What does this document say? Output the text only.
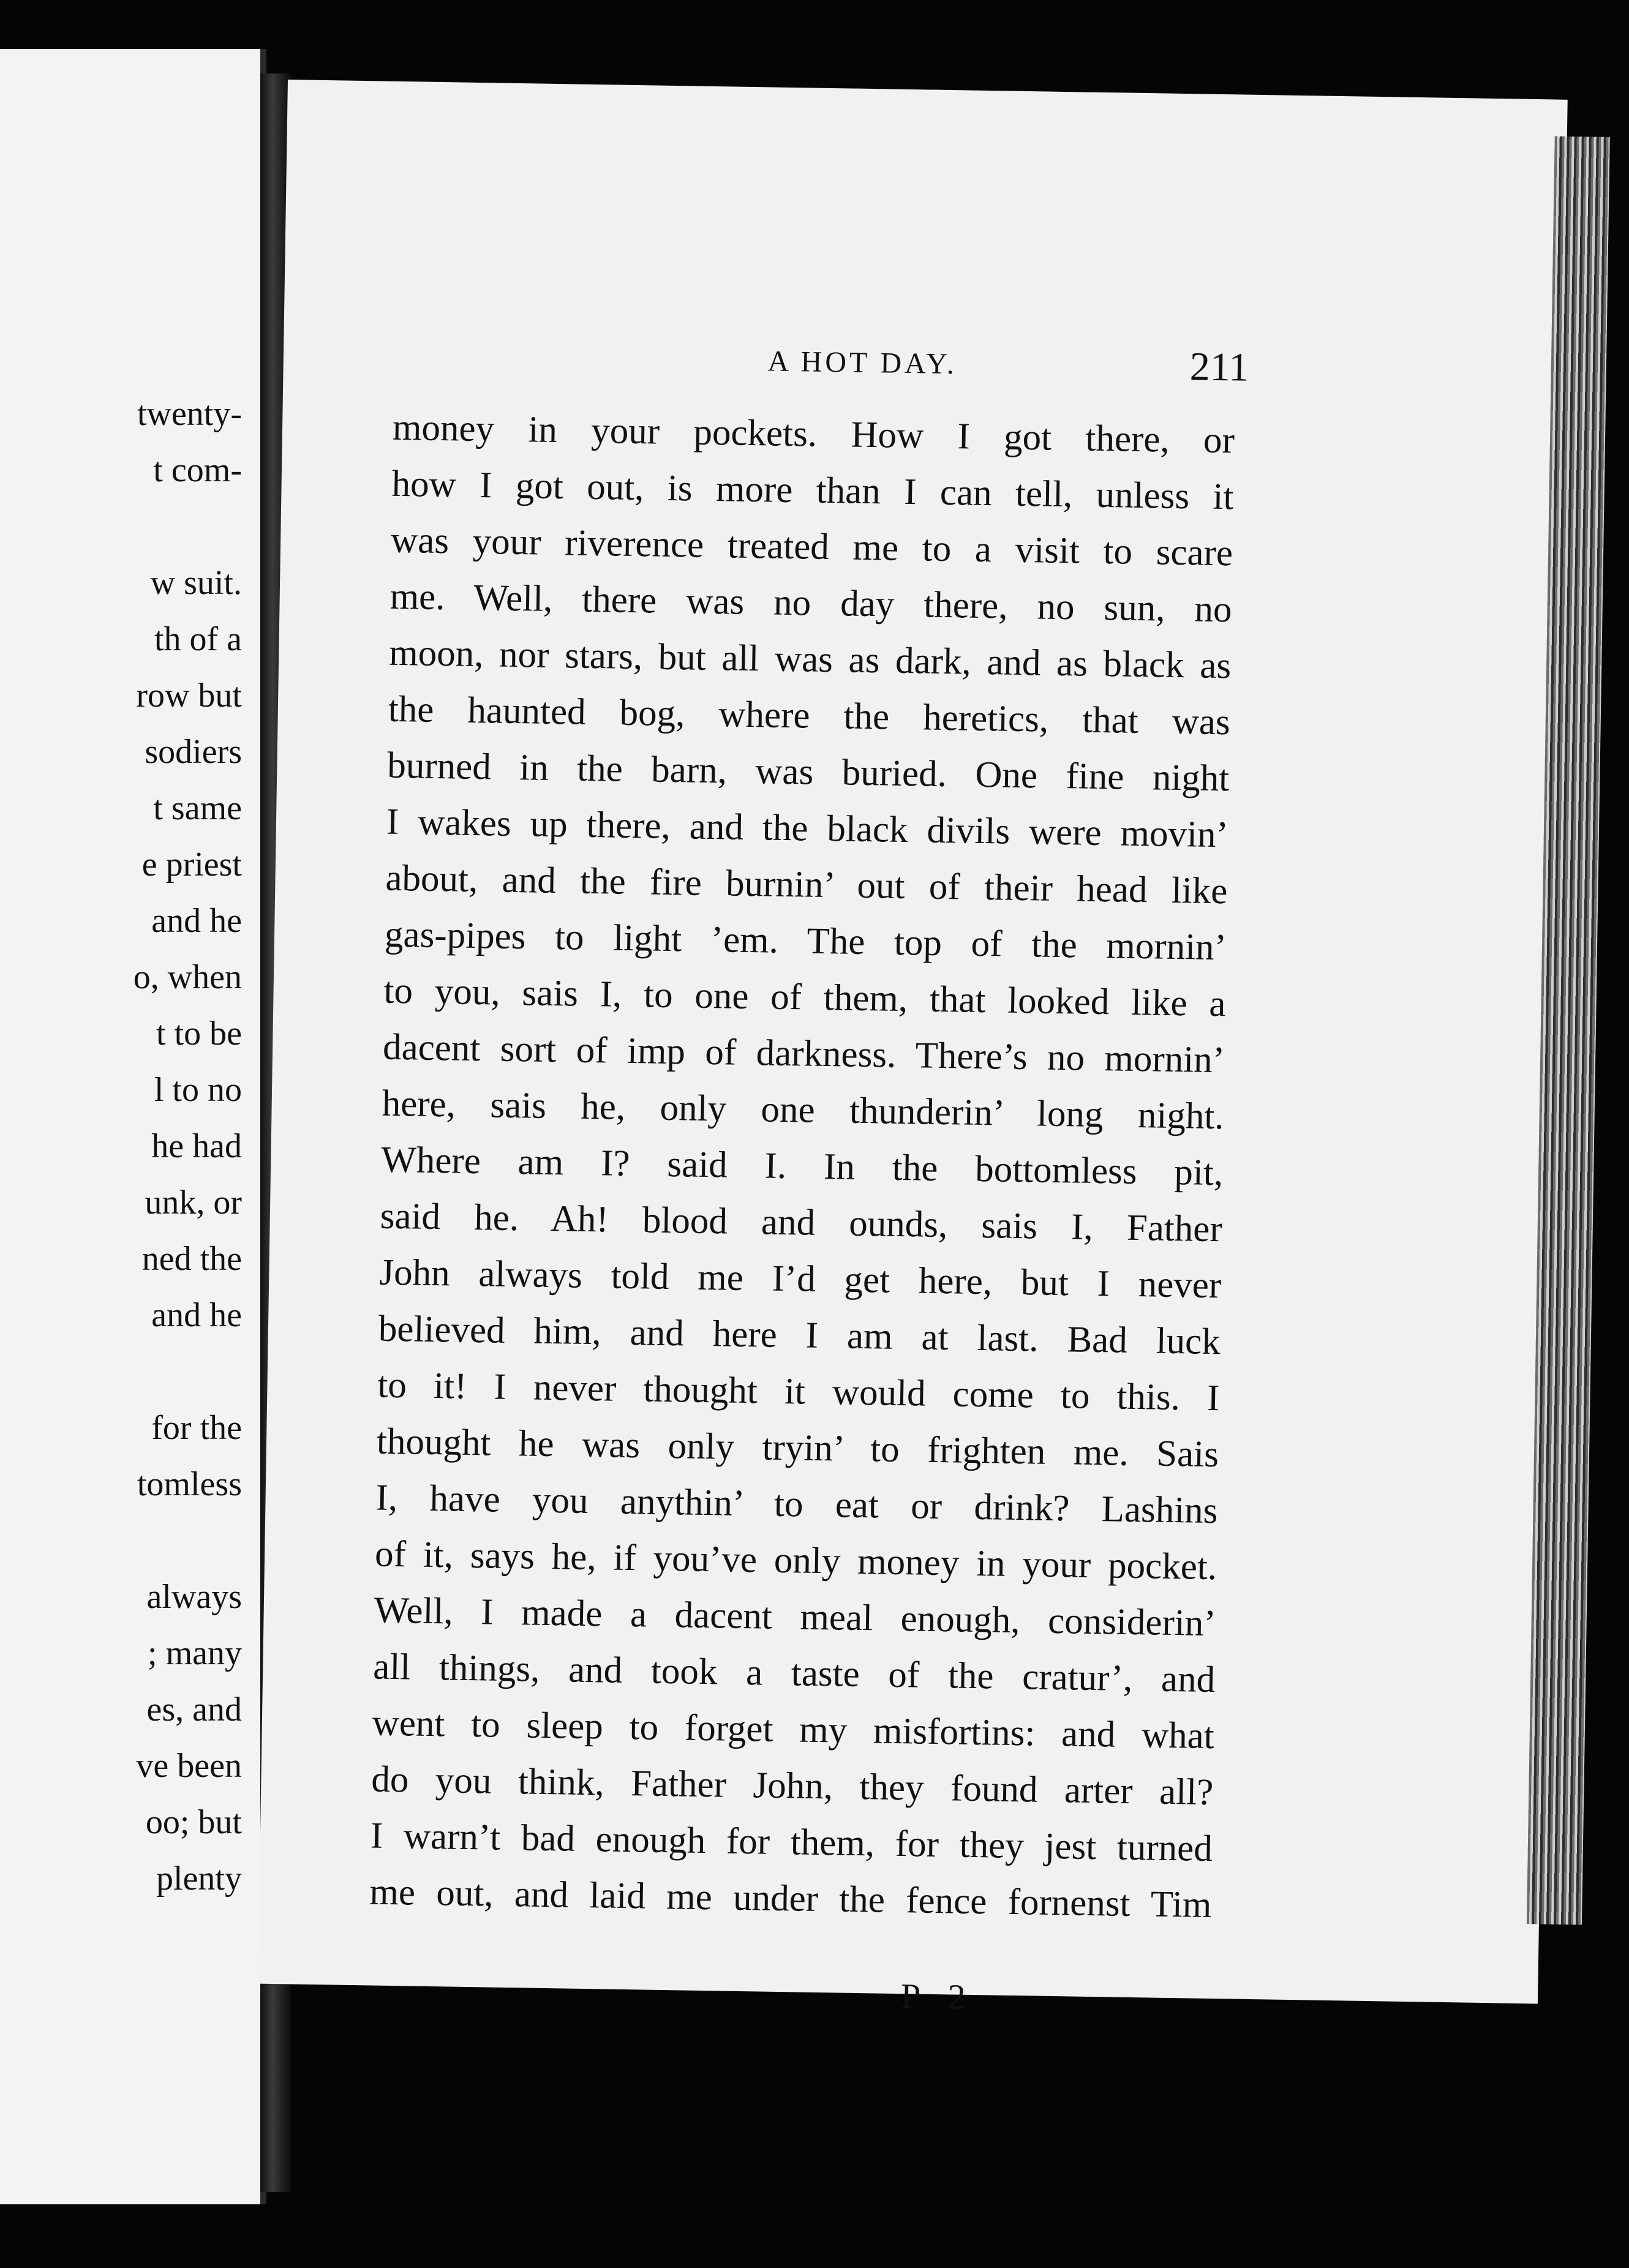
twenty-
t com-
w suit.
th of a
row but
sodiers
t same
e priest
and he
o, when
t to be
l to no
he had
unk, or
ned the
and he
for the
tomless
always
; many
es, and
ve been
oo; but
plenty
A HOT DAY.	211
money in your pockets. How I got there, or
how I got out, is more than I can tell, unless it
was your riverence treated me to a visit to scare
me. Well, there was no day there, no sun, no
moon, nor stars, but all was as dark, and as black as
the haunted bog, where the heretics, that was
burned in the barn, was buried. One fine night
I wakes up there, and the black divils were movin’
about, and the fire burnin’ out of their head like
gas-pipes to light ’em. The top of the mornin’
to you, sais I, to one of them, that looked like a
dacent sort of imp of darkness. There’s no mornin’
here, sais he, only one thunderin’ long night.
Where am I? said I. In the bottomless pit,
said he. Ah! blood and ounds, sais I, Father
John always told me I’d get here, but I never
believed him, and here I am at last. Bad luck
to it! I never thought it would come to this. I
thought he was only tryin’ to frighten me. Sais
I, have you anythin’ to eat or drink? Lashins
of it, says he, if you’ve only money in your pocket.
Well, I made a dacent meal enough, considerin’
all things, and took a taste of the cratur’, and
went to sleep to forget my misfortins: and what
do you think, Father John, they found arter all?
I warn’t bad enough for them, for they jest turned
me out, and laid me under the fence fornenst Tim
P 2
